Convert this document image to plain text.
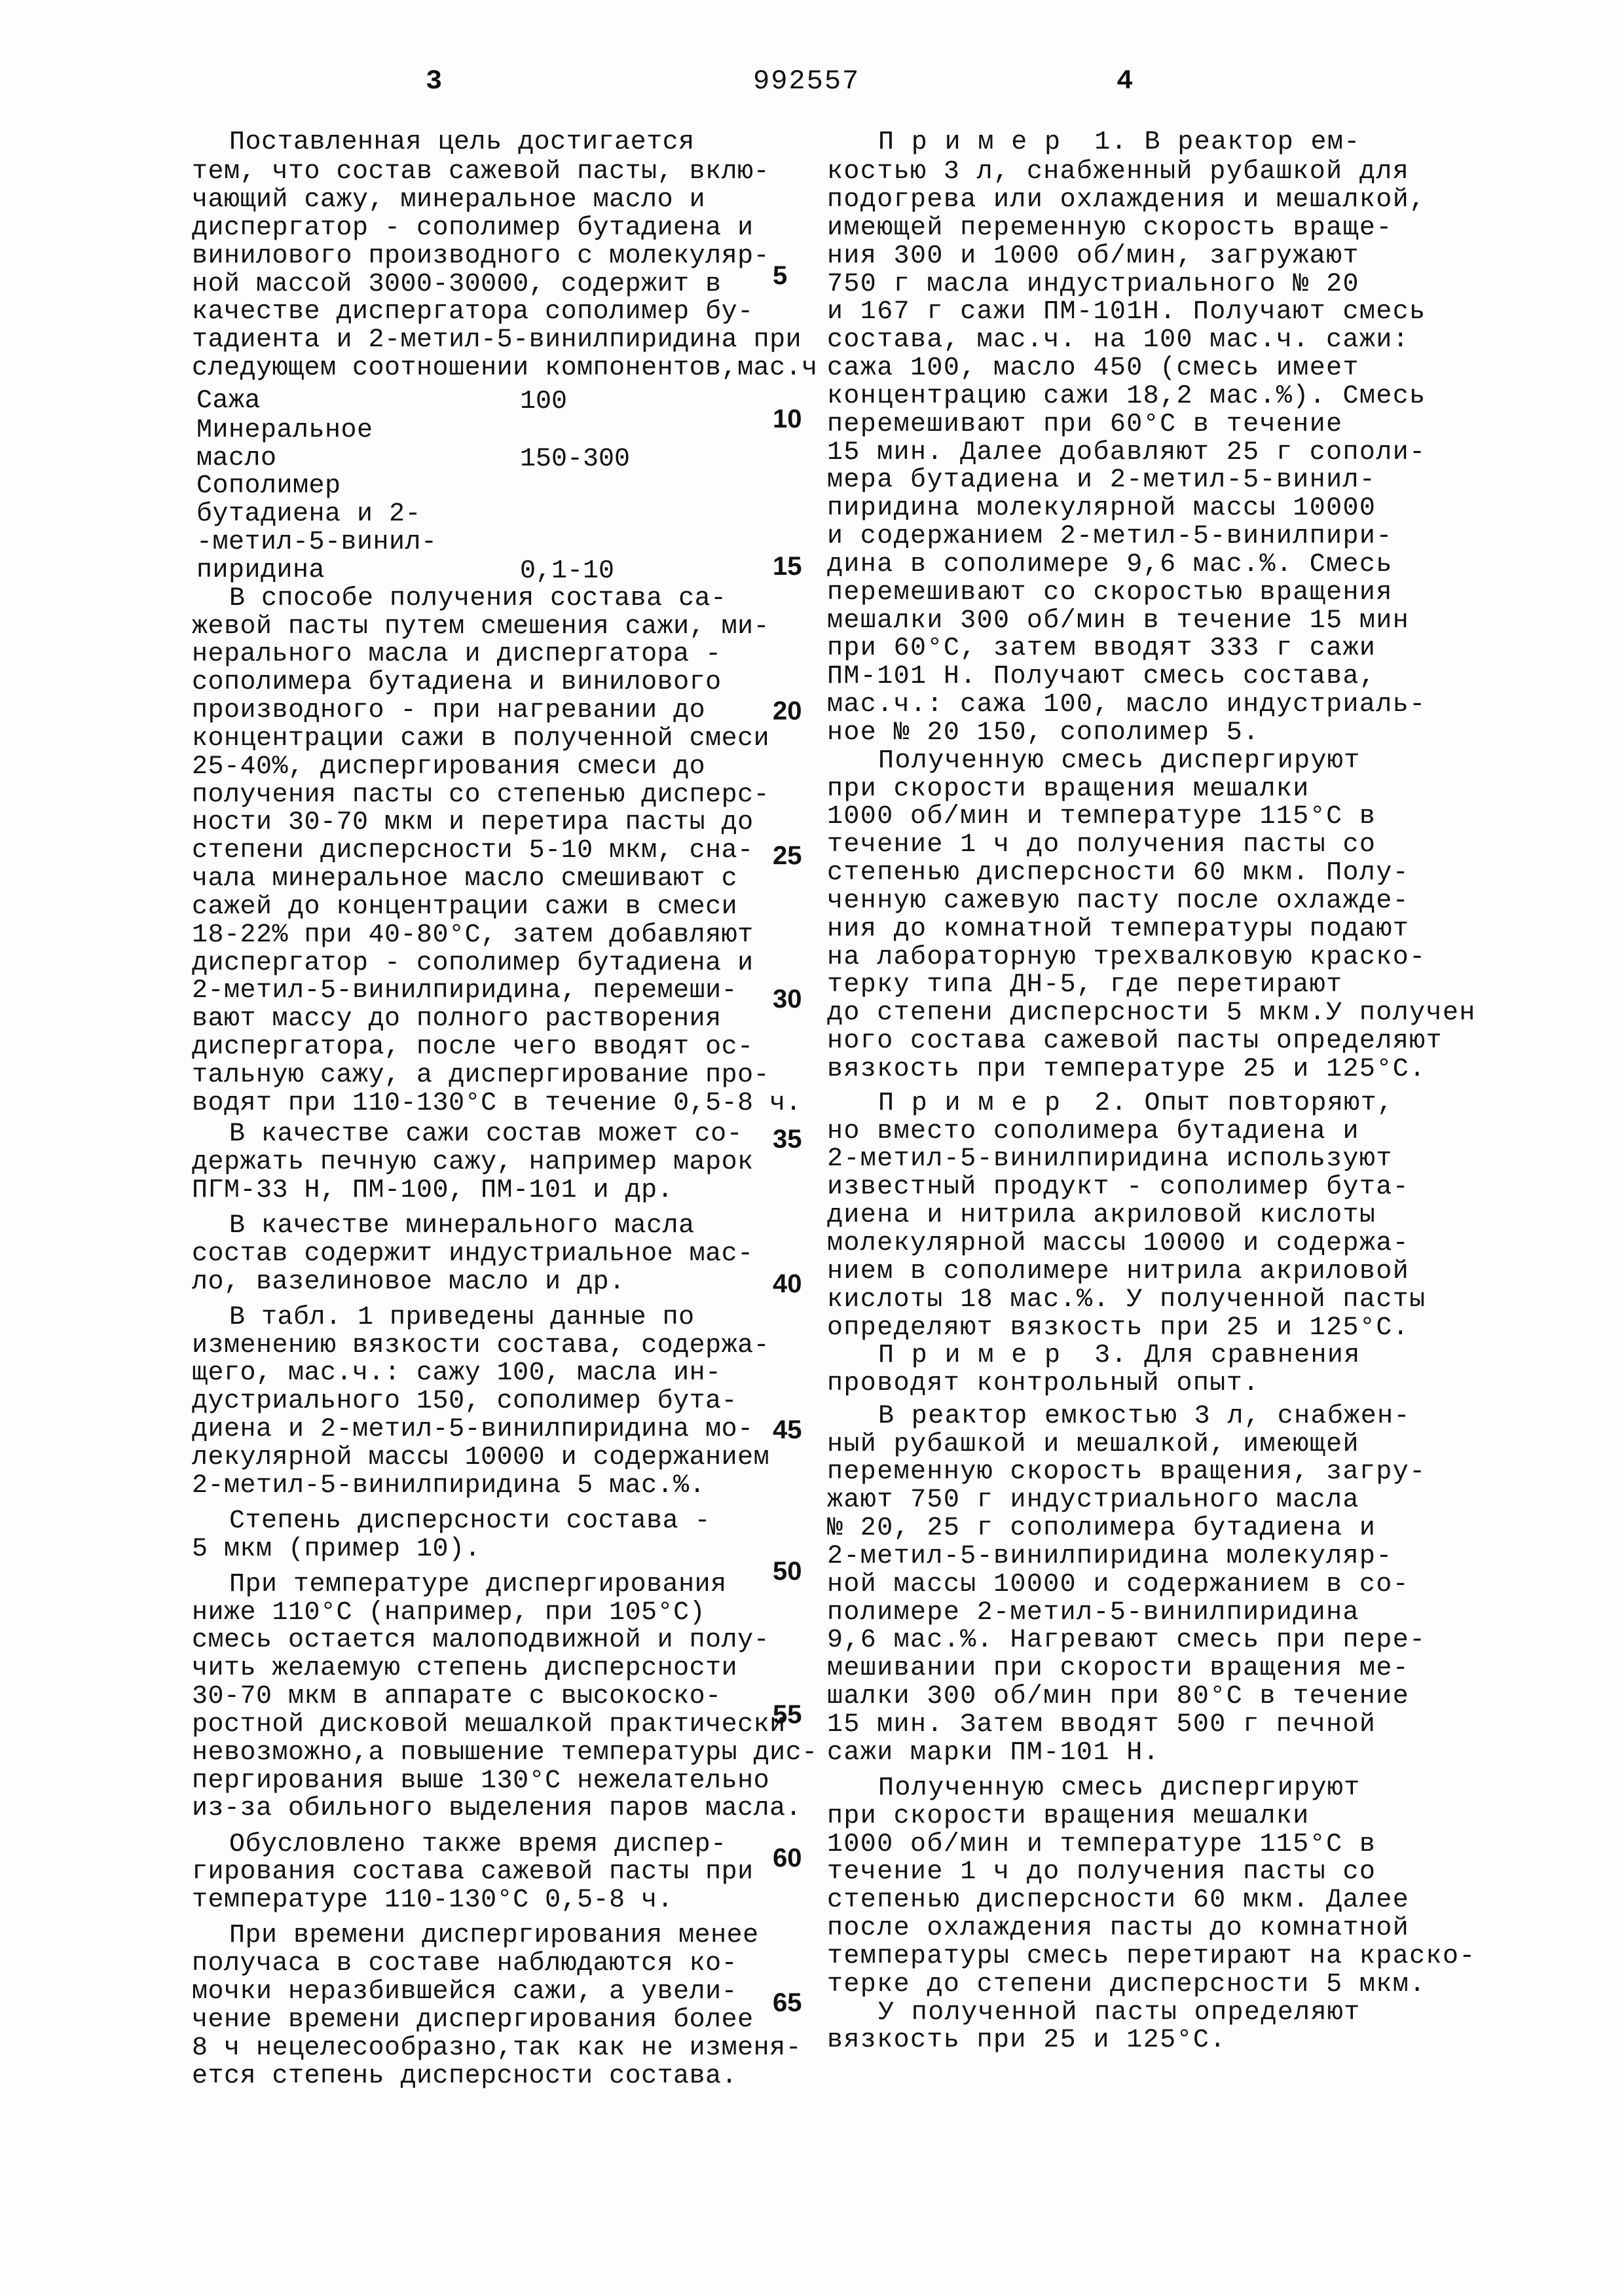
3	992557	4
Поставленная цель достигается
тем, что состав сажевой пасты, вклю-
чающий сажу, минеральное масло и
диспергатор - сополимер бутадиена и
винилового производного с молекуляр-
ной массой 3000-30000, содержит в
качестве диспергатора сополимер бу-
тадиента и 2-метил-5-винилпиридина при
следующем соотношении компонентов,мас.ч
Сажа	100
Минеральное
масло	150-300
Сополимер
бутадиена и 2-
-метил-5-винил-
пиридина	0,1-10
В способе получения состава са-
жевой пасты путем смешения сажи, ми-
нерального масла и диспергатора -
сополимера бутадиена и винилового
производного - при нагревании до
концентрации сажи в полученной смеси
25-40%, диспергирования смеси до
получения пасты со степенью дисперс-
ности 30-70 мкм и перетира пасты до
степени дисперсности 5-10 мкм, сна-
чала минеральное масло смешивают с
сажей до концентрации сажи в смеси
18-22% при 40-80°С, затем добавляют
диспергатор - сополимер бутадиена и
2-метил-5-винилпиридина, перемеши-
вают массу до полного растворения
диспергатора, после чего вводят ос-
тальную сажу, а диспергирование про-
водят при 110-130°С в течение 0,5-8 ч.
В качестве сажи состав может со-
держать печную сажу, например марок
ПГМ-33 Н, ПМ-100, ПМ-101 и др.
В качестве минерального масла
состав содержит индустриальное мас-
ло, вазелиновое масло и др.
В табл. 1 приведены данные по
изменению вязкости состава, содержа-
щего, мас.ч.: сажу 100, масла ин-
дустриального 150, сополимер бута-
диена и 2-метил-5-винилпиридина мо-
лекулярной массы 10000 и содержанием
2-метил-5-винилпиридина 5 мас.%.
Степень дисперсности состава -
5 мкм (пример 10).
При температуре диспергирования
ниже 110°С (например, при 105°С)
смесь остается малоподвижной и полу-
чить желаемую степень дисперсности
30-70 мкм в аппарате с высокоско-
ростной дисковой мешалкой практически
невозможно,а повышение температуры дис-
пергирования выше 130°С нежелательно
из-за обильного выделения паров масла.
Обусловлено также время диспер-
гирования состава сажевой пасты при
температуре 110-130°С 0,5-8 ч.
При времени диспергирования менее
получаса в составе наблюдаются ко-
мочки неразбившейся сажи, а увели-
чение времени диспергирования более
8 ч нецелесообразно,так как не изменя-
ется степень дисперсности состава.
П р и м е р  1. В реактор ем-
костью 3 л, снабженный рубашкой для
подогрева или охлаждения и мешалкой,
имеющей переменную скорость враще-
ния 300 и 1000 об/мин, загружают
750 г масла индустриального № 20
и 167 г сажи ПМ-101Н. Получают смесь
состава, мас.ч. на 100 мас.ч. сажи:
сажа 100, масло 450 (смесь имеет
концентрацию сажи 18,2 мас.%). Смесь
перемешивают при 60°С в течение
15 мин. Далее добавляют 25 г сополи-
мера бутадиена и 2-метил-5-винил-
пиридина молекулярной массы 10000
и содержанием 2-метил-5-винилпири-
дина в сополимере 9,6 мас.%. Смесь
перемешивают со скоростью вращения
мешалки 300 об/мин в течение 15 мин
при 60°С, затем вводят 333 г сажи
ПМ-101 Н. Получают смесь состава,
мас.ч.: сажа 100, масло индустриаль-
ное № 20 150, сополимер 5.
Полученную смесь диспергируют
при скорости вращения мешалки
1000 об/мин и температуре 115°С в
течение 1 ч до получения пасты со
степенью дисперсности 60 мкм. Полу-
ченную сажевую пасту после охлажде-
ния до комнатной температуры подают
на лабораторную трехвалковую краско-
терку типа ДН-5, где перетирают
до степени дисперсности 5 мкм.У получен
ного состава сажевой пасты определяют
вязкость при температуре 25 и 125°С.
П р и м е р  2. Опыт повторяют,
но вместо сополимера бутадиена и
2-метил-5-винилпиридина используют
известный продукт - сополимер бута-
диена и нитрила акриловой кислоты
молекулярной массы 10000 и содержа-
нием в сополимере нитрила акриловой
кислоты 18 мас.%. У полученной пасты
определяют вязкость при 25 и 125°С.
П р и м е р  3. Для сравнения
проводят контрольный опыт.
В реактор емкостью 3 л, снабжен-
ный рубашкой и мешалкой, имеющей
переменную скорость вращения, загру-
жают 750 г индустриального масла
№ 20, 25 г сополимера бутадиена и
2-метил-5-винилпиридина молекуляр-
ной массы 10000 и содержанием в со-
полимере 2-метил-5-винилпиридина
9,6 мас.%. Нагревают смесь при пере-
мешивании при скорости вращения ме-
шалки 300 об/мин при 80°С в течение
15 мин. Затем вводят 500 г печной
сажи марки ПМ-101 Н.
Полученную смесь диспергируют
при скорости вращения мешалки
1000 об/мин и температуре 115°С в
течение 1 ч до получения пасты со
степенью дисперсности 60 мкм. Далее
после охлаждения пасты до комнатной
температуры смесь перетирают на краско-
терке до степени дисперсности 5 мкм.
У полученной пасты определяют
вязкость при 25 и 125°С.
5
10
15
20
25
30
35
40
45
50
55
60
65
